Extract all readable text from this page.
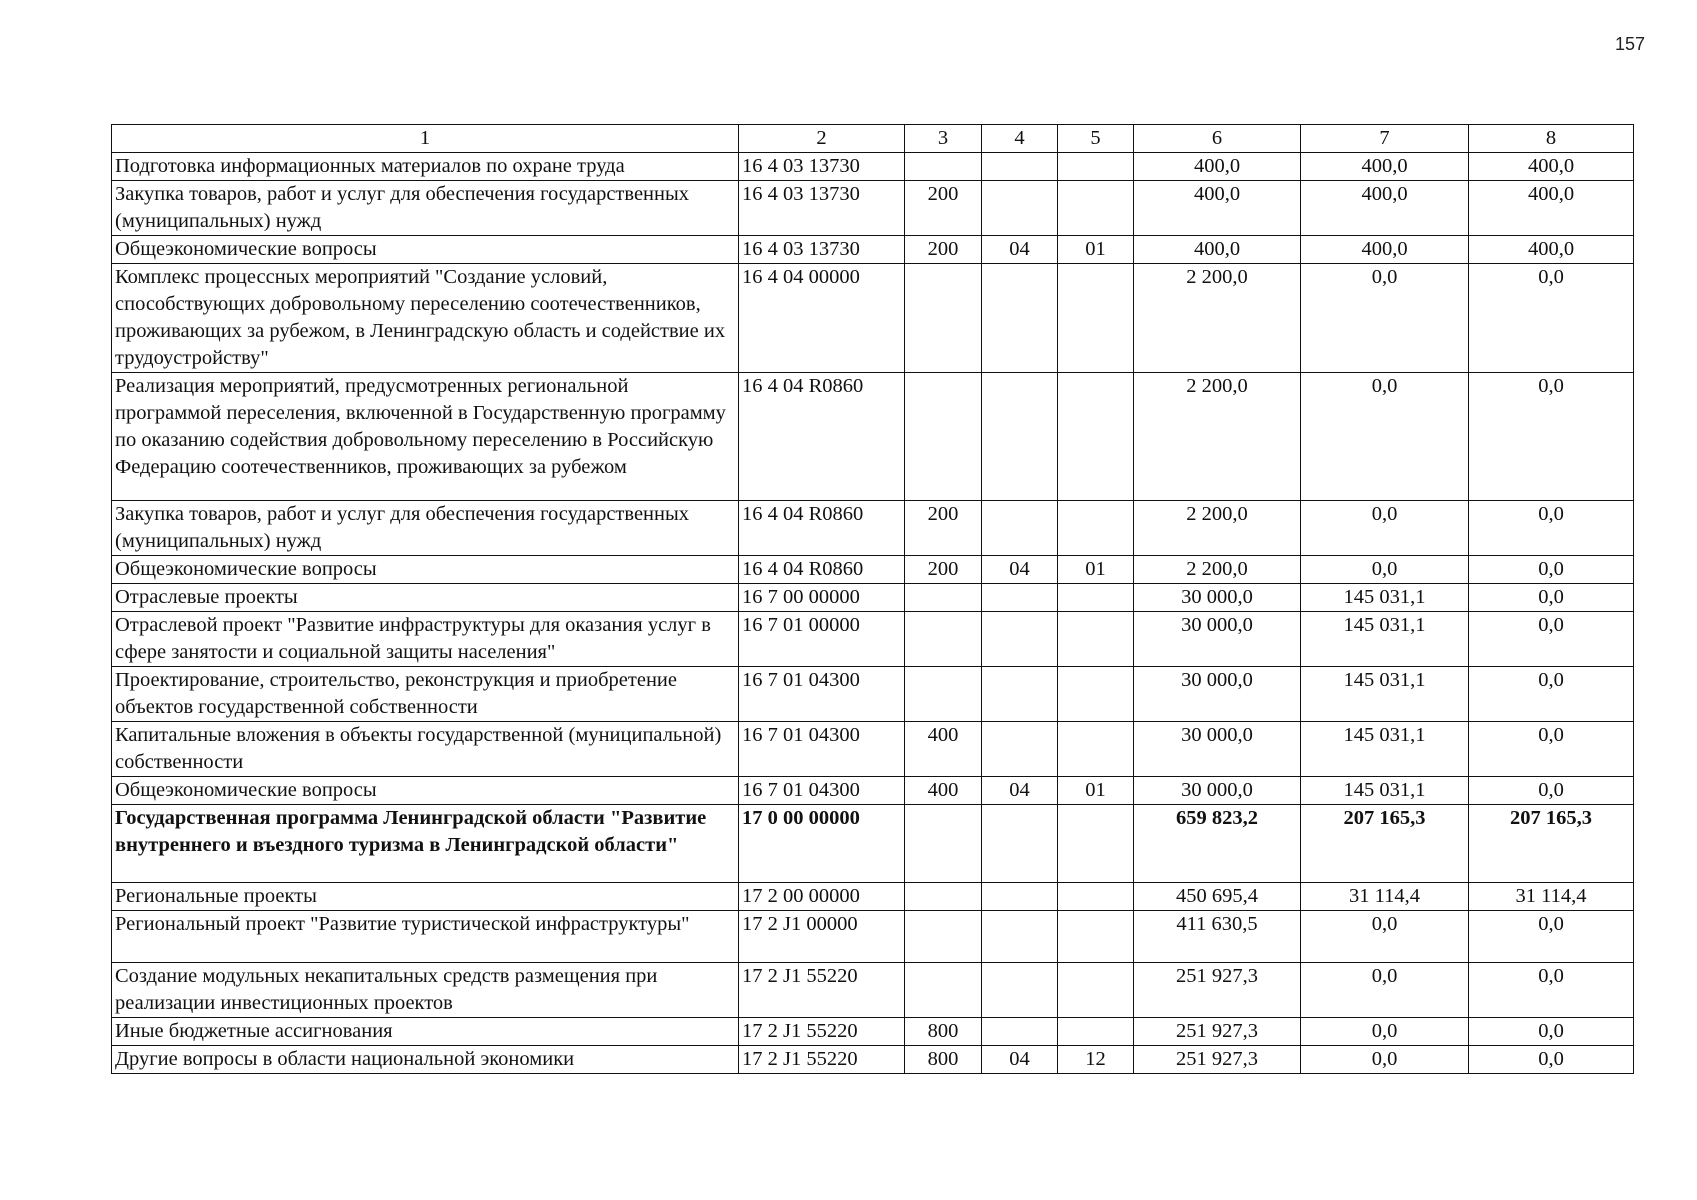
157
1	2	3	4	5	6	7	8
Подготовка информационных материалов по охране труда	16 4 03 13730				400,0	400,0	400,0
Закупка товаров, работ и услуг для обеспечения государственных (муниципальных) нужд	16 4 03 13730	200			400,0	400,0	400,0
Общеэкономические вопросы	16 4 03 13730	200	04	01	400,0	400,0	400,0
Комплекс процессных мероприятий "Создание условий, способствующих добровольному переселению соотечественников, проживающих за рубежом, в Ленинградскую область и содействие их трудоустройству"	16 4 04 00000				2 200,0	0,0	0,0
Реализация мероприятий, предусмотренных региональной программой переселения, включенной в Государственную программу по оказанию содействия добровольному переселению в Российскую Федерацию соотечественников, проживающих за рубежом	16 4 04 R0860				2 200,0	0,0	0,0
Закупка товаров, работ и услуг для обеспечения государственных (муниципальных) нужд	16 4 04 R0860	200			2 200,0	0,0	0,0
Общеэкономические вопросы	16 4 04 R0860	200	04	01	2 200,0	0,0	0,0
Отраслевые проекты	16 7 00 00000				30 000,0	145 031,1	0,0
Отраслевой проект "Развитие инфраструктуры для оказания услуг в сфере занятости и социальной защиты населения"	16 7 01 00000				30 000,0	145 031,1	0,0
Проектирование, строительство, реконструкция и приобретение объектов государственной собственности	16 7 01 04300				30 000,0	145 031,1	0,0
Капитальные вложения в объекты государственной (муниципальной) собственности	16 7 01 04300	400			30 000,0	145 031,1	0,0
Общеэкономические вопросы	16 7 01 04300	400	04	01	30 000,0	145 031,1	0,0
Государственная программа Ленинградской области "Развитие внутреннего и въездного туризма в Ленинградской области"	17 0 00 00000				659 823,2	207 165,3	207 165,3
Региональные проекты	17 2 00 00000				450 695,4	31 114,4	31 114,4
Региональный проект "Развитие туристической инфраструктуры"	17 2 J1 00000				411 630,5	0,0	0,0
Создание модульных некапитальных средств размещения при реализации инвестиционных проектов	17 2 J1 55220				251 927,3	0,0	0,0
Иные бюджетные ассигнования	17 2 J1 55220	800			251 927,3	0,0	0,0
Другие вопросы в области национальной экономики	17 2 J1 55220	800	04	12	251 927,3	0,0	0,0
